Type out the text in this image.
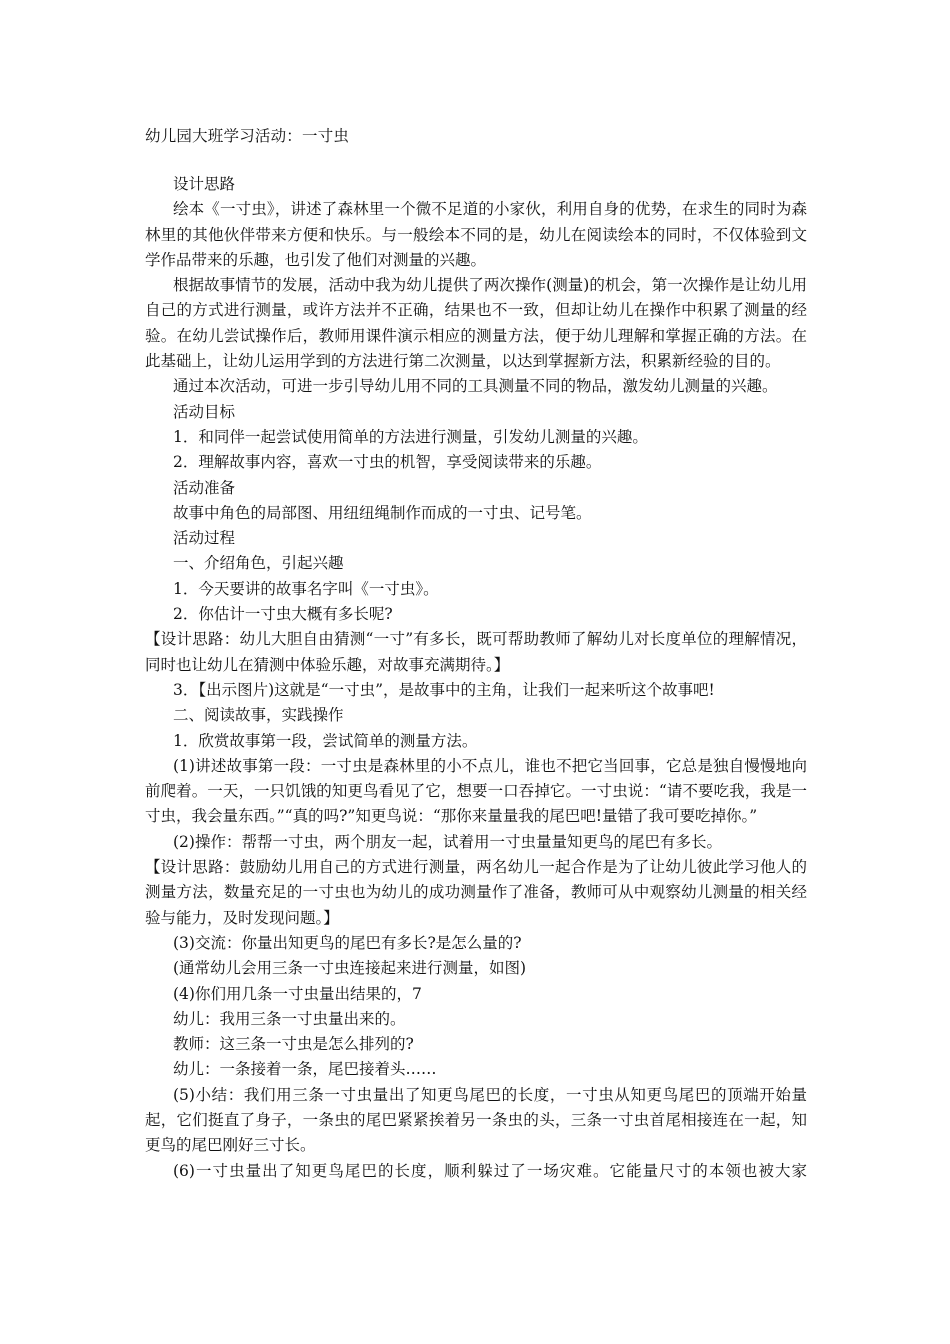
幼儿园大班学习活动：一寸虫

设计思路

绘本《一寸虫》，讲述了森林里一个微不足道的小家伙，利用自身的优势，在求生的同时为森林里的其他伙伴带来方便和快乐。与一般绘本不同的是，幼儿在阅读绘本的同时，不仅体验到文学作品带来的乐趣，也引发了他们对测量的兴趣。

根据故事情节的发展，活动中我为幼儿提供了两次操作(测量)的机会，第一次操作是让幼儿用自己的方式进行测量，或许方法并不正确，结果也不一致，但却让幼儿在操作中积累了测量的经验。在幼儿尝试操作后，教师用课件演示相应的测量方法，便于幼儿理解和掌握正确的方法。在此基础上，让幼儿运用学到的方法进行第二次测量，以达到掌握新方法，积累新经验的目的。

通过本次活动，可进一步引导幼儿用不同的工具测量不同的物品，激发幼儿测量的兴趣。

活动目标

1．和同伴一起尝试使用简单的方法进行测量，引发幼儿测量的兴趣。

2．理解故事内容，喜欢一寸虫的机智，享受阅读带来的乐趣。

活动准备

故事中角色的局部图、用纽纽绳制作而成的一寸虫、记号笔。

活动过程

一、介绍角色，引起兴趣

1．今天要讲的故事名字叫《一寸虫》。

2．你估计一寸虫大概有多长呢?

【设计思路：幼儿大胆自由猜测“一寸”有多长，既可帮助教师了解幼儿对长度单位的理解情况，同时也让幼儿在猜测中体验乐趣，对故事充满期待。】

3．【出示图片)这就是“一寸虫”，是故事中的主角，让我们一起来听这个故事吧!

二、阅读故事，实践操作

1．欣赏故事第一段，尝试简单的测量方法。

(1)讲述故事第一段：一寸虫是森林里的小不点儿，谁也不把它当回事，它总是独自慢慢地向前爬着。一天，一只饥饿的知更鸟看见了它，想要一口吞掉它。一寸虫说：“请不要吃我，我是一寸虫，我会量东西。”“真的吗?”知更鸟说：“那你来量量我的尾巴吧!量错了我可要吃掉你。”

(2)操作：帮帮一寸虫，两个朋友一起，试着用一寸虫量量知更鸟的尾巴有多长。

【设计思路：鼓励幼儿用自己的方式进行测量，两名幼儿一起合作是为了让幼儿彼此学习他人的测量方法，数量充足的一寸虫也为幼儿的成功测量作了准备，教师可从中观察幼儿测量的相关经验与能力，及时发现问题。】

(3)交流：你量出知更鸟的尾巴有多长?是怎么量的?

(通常幼儿会用三条一寸虫连接起来进行测量，如图)

(4)你们用几条一寸虫量出结果的，7

幼儿：我用三条一寸虫量出来的。

教师：这三条一寸虫是怎么排列的?

幼儿：一条接着一条，尾巴接着头……

(5)小结：我们用三条一寸虫量出了知更鸟尾巴的长度，一寸虫从知更鸟尾巴的顶端开始量起，它们挺直了身子，一条虫的尾巴紧紧挨着另一条虫的头，三条一寸虫首尾相接连在一起，知更鸟的尾巴刚好三寸长。

(6)一寸虫量出了知更鸟尾巴的长度，顺利躲过了一场灾难。它能量尺寸的本领也被大家
